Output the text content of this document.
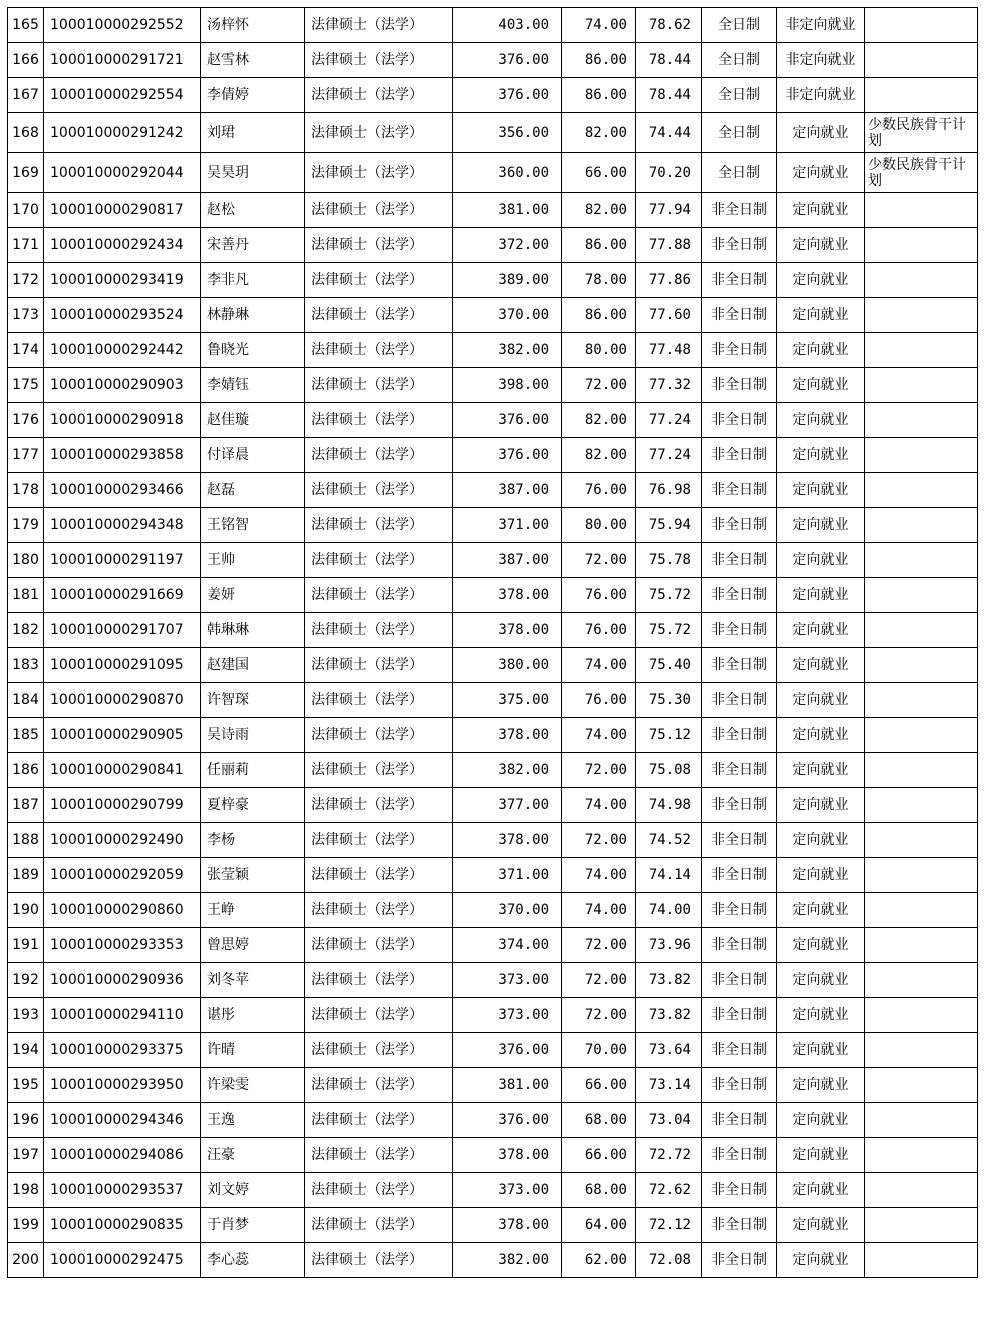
165	100010000292552	汤梓怀	法律硕士（法学）	403.00	74.00	78.62	全日制	非定向就业	
166	100010000291721	赵雪林	法律硕士（法学）	376.00	86.00	78.44	全日制	非定向就业	
167	100010000292554	李倩婷	法律硕士（法学）	376.00	86.00	78.44	全日制	非定向就业	
168	100010000291242	刘珺	法律硕士（法学）	356.00	82.00	74.44	全日制	定向就业	少数民族骨干计划
169	100010000292044	吴昊玥	法律硕士（法学）	360.00	66.00	70.20	全日制	定向就业	少数民族骨干计划
170	100010000290817	赵松	法律硕士（法学）	381.00	82.00	77.94	非全日制	定向就业	
171	100010000292434	宋善丹	法律硕士（法学）	372.00	86.00	77.88	非全日制	定向就业	
172	100010000293419	李非凡	法律硕士（法学）	389.00	78.00	77.86	非全日制	定向就业	
173	100010000293524	林静琳	法律硕士（法学）	370.00	86.00	77.60	非全日制	定向就业	
174	100010000292442	鲁晓光	法律硕士（法学）	382.00	80.00	77.48	非全日制	定向就业	
175	100010000290903	李婧钰	法律硕士（法学）	398.00	72.00	77.32	非全日制	定向就业	
176	100010000290918	赵佳璇	法律硕士（法学）	376.00	82.00	77.24	非全日制	定向就业	
177	100010000293858	付译晨	法律硕士（法学）	376.00	82.00	77.24	非全日制	定向就业	
178	100010000293466	赵磊	法律硕士（法学）	387.00	76.00	76.98	非全日制	定向就业	
179	100010000294348	王铭智	法律硕士（法学）	371.00	80.00	75.94	非全日制	定向就业	
180	100010000291197	王帅	法律硕士（法学）	387.00	72.00	75.78	非全日制	定向就业	
181	100010000291669	姜妍	法律硕士（法学）	378.00	76.00	75.72	非全日制	定向就业	
182	100010000291707	韩琳琳	法律硕士（法学）	378.00	76.00	75.72	非全日制	定向就业	
183	100010000291095	赵建国	法律硕士（法学）	380.00	74.00	75.40	非全日制	定向就业	
184	100010000290870	许智琛	法律硕士（法学）	375.00	76.00	75.30	非全日制	定向就业	
185	100010000290905	吴诗雨	法律硕士（法学）	378.00	74.00	75.12	非全日制	定向就业	
186	100010000290841	任丽莉	法律硕士（法学）	382.00	72.00	75.08	非全日制	定向就业	
187	100010000290799	夏梓豪	法律硕士（法学）	377.00	74.00	74.98	非全日制	定向就业	
188	100010000292490	李杨	法律硕士（法学）	378.00	72.00	74.52	非全日制	定向就业	
189	100010000292059	张莹颖	法律硕士（法学）	371.00	74.00	74.14	非全日制	定向就业	
190	100010000290860	王峥	法律硕士（法学）	370.00	74.00	74.00	非全日制	定向就业	
191	100010000293353	曾思婷	法律硕士（法学）	374.00	72.00	73.96	非全日制	定向就业	
192	100010000290936	刘冬苹	法律硕士（法学）	373.00	72.00	73.82	非全日制	定向就业	
193	100010000294110	谌彤	法律硕士（法学）	373.00	72.00	73.82	非全日制	定向就业	
194	100010000293375	许晴	法律硕士（法学）	376.00	70.00	73.64	非全日制	定向就业	
195	100010000293950	许梁雯	法律硕士（法学）	381.00	66.00	73.14	非全日制	定向就业	
196	100010000294346	王逸	法律硕士（法学）	376.00	68.00	73.04	非全日制	定向就业	
197	100010000294086	汪豪	法律硕士（法学）	378.00	66.00	72.72	非全日制	定向就业	
198	100010000293537	刘文婷	法律硕士（法学）	373.00	68.00	72.62	非全日制	定向就业	
199	100010000290835	于肖梦	法律硕士（法学）	378.00	64.00	72.12	非全日制	定向就业	
200	100010000292475	李心蕊	法律硕士（法学）	382.00	62.00	72.08	非全日制	定向就业	
